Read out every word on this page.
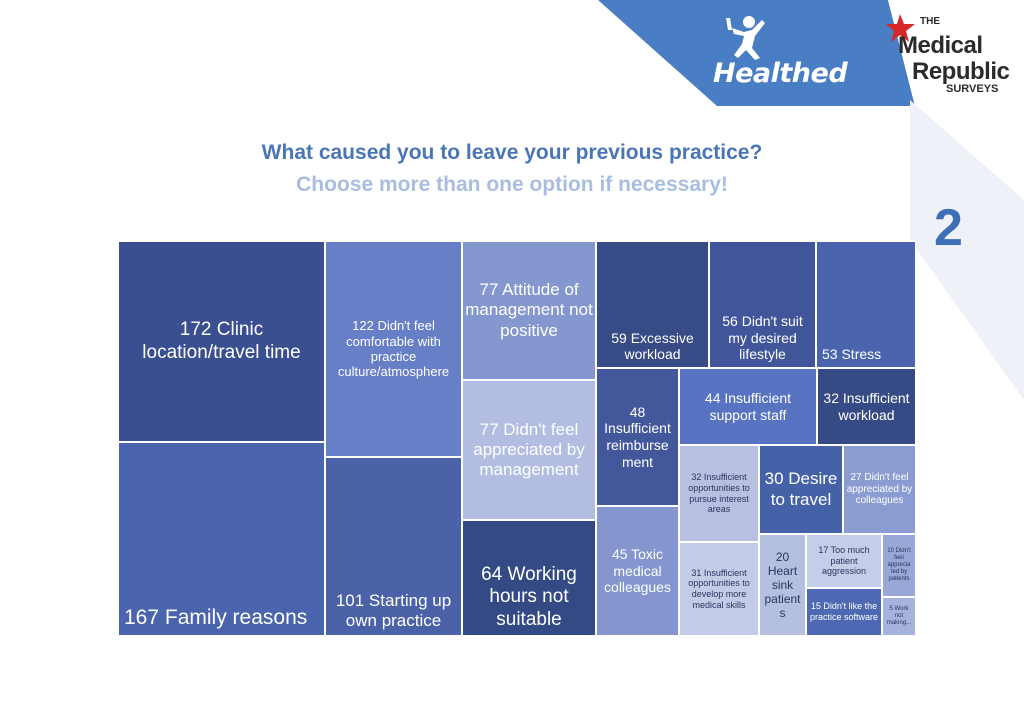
Healthed
THE
Medical
Republic
SURVEYS
What caused you to leave your previous practice?
Choose more than one option if necessary!
2
172 Clinic location/travel time
167 Family reasons
122 Didn't feel comfortable with practice culture/atmosphere
101 Starting up own practice
77 Attitude of management not positive
77 Didn't feel appreciated by management
64 Working hours not suitable
59 Excessive workload
56 Didn't suit my desired lifestyle	53 Stress
48 Insufficient reimburse ment
45 Toxic medical colleagues
44 Insufficient support staff
32 Insufficient workload
30 Desire to travel
27 Didn't feel appreciated by colleagues
32 Insufficient opportunities to pursue interest areas
31 Insufficient opportunities to develop more medical skills
20 Heart sink patient s
17 Too much patient aggression
15 Didn't like the practice software
10 Didn't feel apprecia ted by patients
5 Work not making...
